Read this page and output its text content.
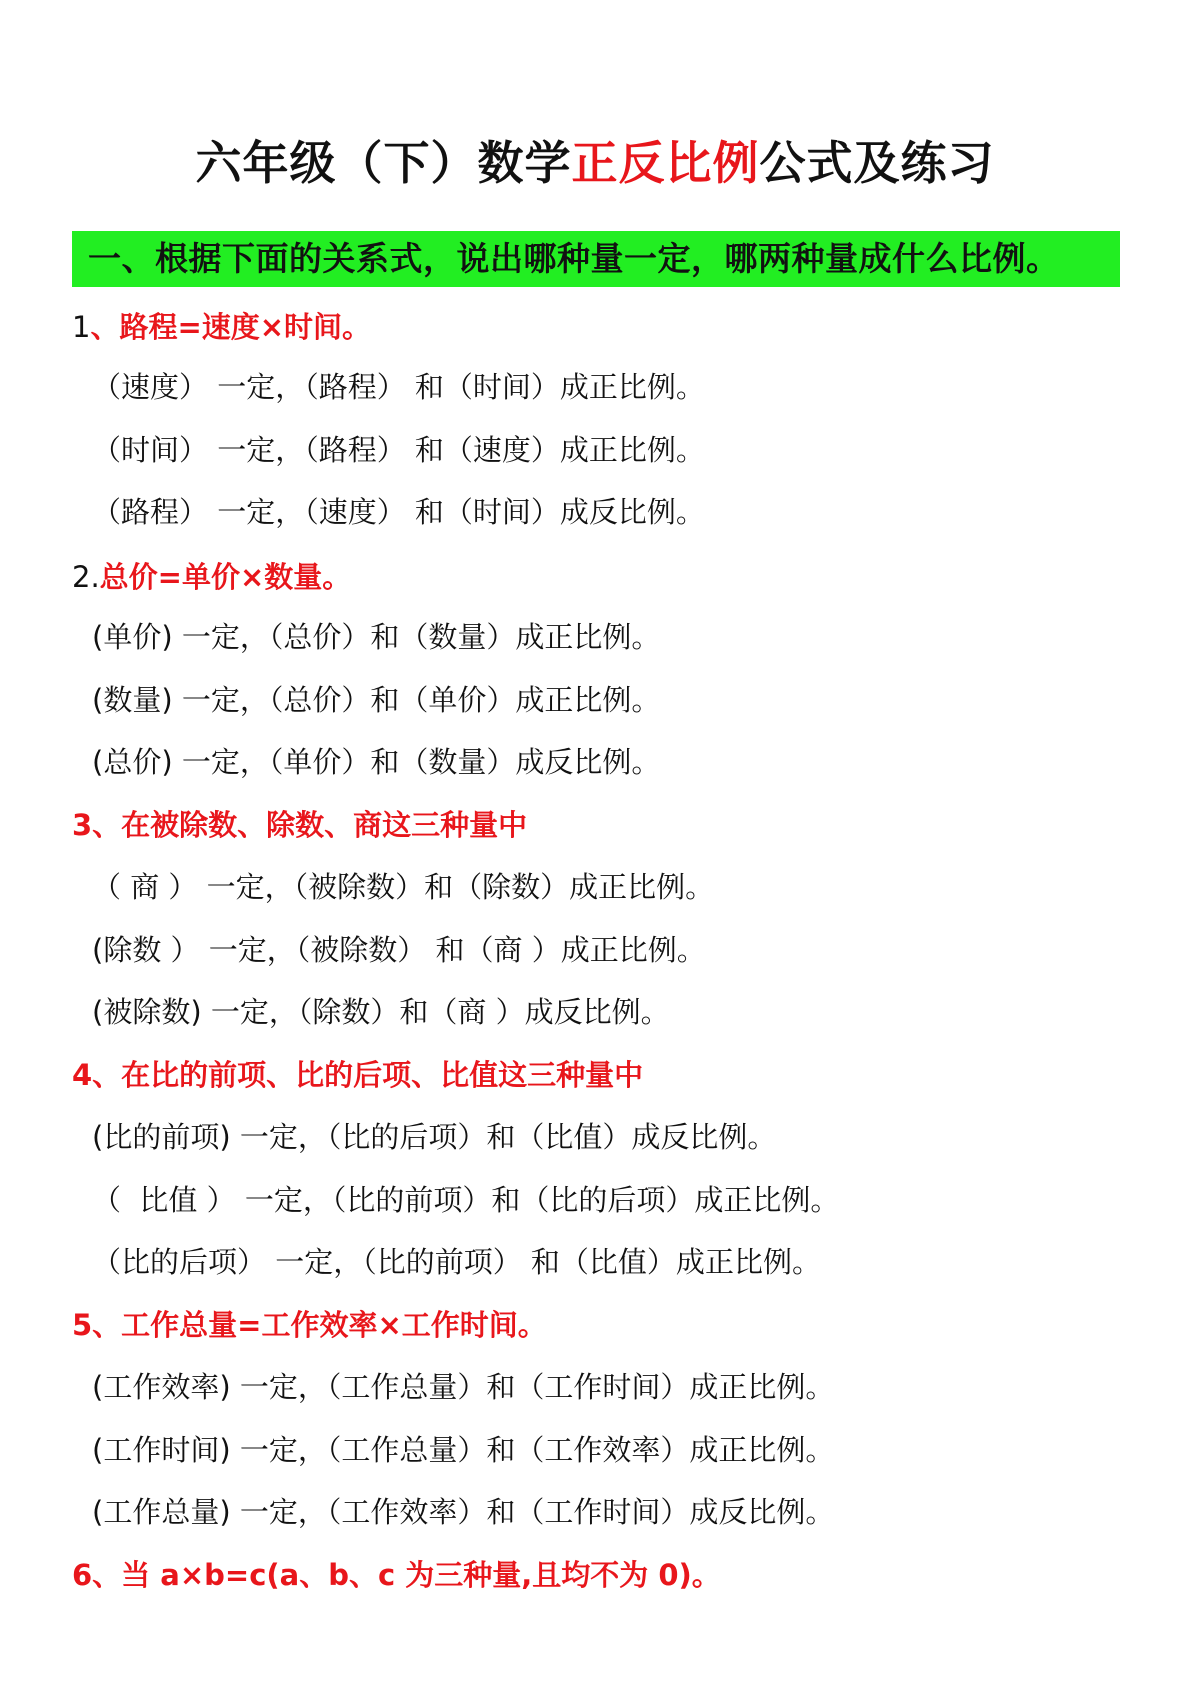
六年级（下）数学正反比例公式及练习
一、根据下面的关系式，说出哪种量一定，哪两种量成什么比例。
1、路程=速度×时间。
（速度） 一定，（路程） 和（时间）成正比例。
（时间） 一定，（路程） 和（速度）成正比例。
（路程） 一定，（速度） 和（时间）成反比例。
2.总价=单价×数量。
(单价) 一定，（总价）和（数量）成正比例。
(数量) 一定，（总价）和（单价）成正比例。
(总价) 一定，（单价）和（数量）成反比例。
3、在被除数、除数、商这三种量中
（ 商 ） 一定，（被除数）和（除数）成正比例。
(除数 ） 一定，（被除数） 和（商 ）成正比例。
(被除数) 一定，（除数）和（商 ）成反比例。
4、在比的前项、比的后项、比值这三种量中
(比的前项) 一定，（比的后项）和（比值）成反比例。
（  比值 ） 一定，（比的前项）和（比的后项）成正比例。
（比的后项） 一定，（比的前项） 和（比值）成正比例。
5、工作总量=工作效率×工作时间。
(工作效率) 一定，（工作总量）和（工作时间）成正比例。
(工作时间) 一定，（工作总量）和（工作效率）成正比例。
(工作总量) 一定，（工作效率）和（工作时间）成反比例。
6、当 a×b=c(a、b、c 为三种量,且均不为 0)。
